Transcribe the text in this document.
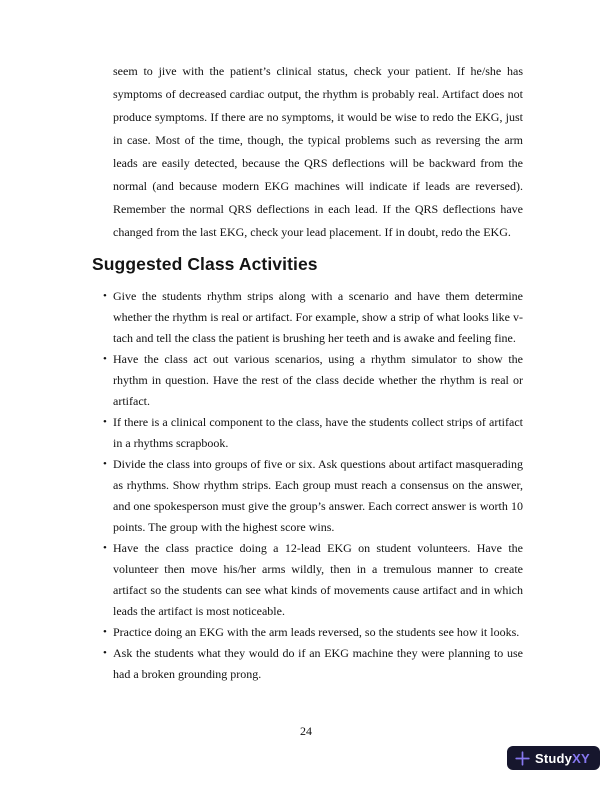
seem to jive with the patient’s clinical status, check your patient. If he/she has symptoms of decreased cardiac output, the rhythm is probably real. Artifact does not produce symptoms. If there are no symptoms, it would be wise to redo the EKG, just in case. Most of the time, though, the typical problems such as reversing the arm leads are easily detected, because the QRS deflections will be backward from the normal (and because modern EKG machines will indicate if leads are reversed). Remember the normal QRS deflections in each lead. If the QRS deflections have changed from the last EKG, check your lead placement. If in doubt, redo the EKG.

Suggested Class Activities
• Give the students rhythm strips along with a scenario and have them determine whether the rhythm is real or artifact. For example, show a strip of what looks like v-tach and tell the class the patient is brushing her teeth and is awake and feeling fine.
• Have the class act out various scenarios, using a rhythm simulator to show the rhythm in question. Have the rest of the class decide whether the rhythm is real or artifact.
• If there is a clinical component to the class, have the students collect strips of artifact in a rhythms scrapbook.
• Divide the class into groups of five or six. Ask questions about artifact masquerading as rhythms. Show rhythm strips. Each group must reach a consensus on the answer, and one spokesperson must give the group’s answer. Each correct answer is worth 10 points. The group with the highest score wins.
• Have the class practice doing a 12-lead EKG on student volunteers. Have the volunteer then move his/her arms wildly, then in a tremulous manner to create artifact so the students can see what kinds of movements cause artifact and in which leads the artifact is most noticeable.
• Practice doing an EKG with the arm leads reversed, so the students see how it looks.
• Ask the students what they would do if an EKG machine they were planning to use had a broken grounding prong.
24
StudyXY
